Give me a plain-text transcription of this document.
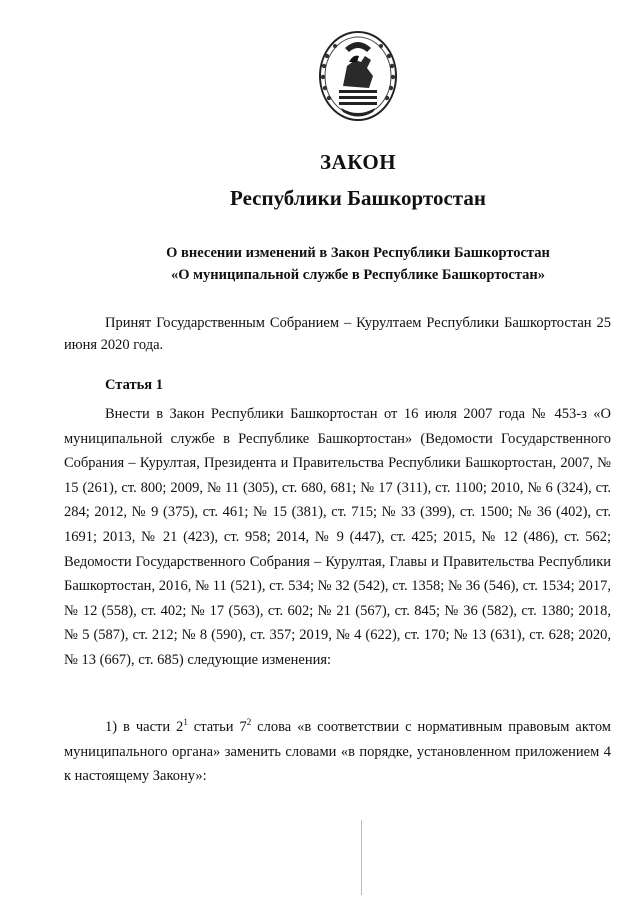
ЗАКОН
Республики Башкортостан
О внесении изменений в Закон Республики Башкортостан
«О муниципальной службе в Республике Башкортостан»
Принят Государственным Собранием – Курултаем Республики Башкортостан 25 июня 2020 года.
Статья 1

Внести в Закон Республики Башкортостан от 16 июля 2007 года № 453-з «О муниципальной службе в Республике Башкортостан» (Ведомости Государственного Собрания – Курултая, Президента и Правительства Республики Башкортостан, 2007, № 15 (261), ст. 800; 2009, № 11 (305), ст. 680, 681; № 17 (311), ст. 1100; 2010, № 6 (324), ст. 284; 2012, № 9 (375), ст. 461; № 15 (381), ст. 715; № 33 (399), ст. 1500; № 36 (402), ст. 1691; 2013, № 21 (423), ст. 958; 2014, № 9 (447), ст. 425; 2015, № 12 (486), ст. 562; Ведомости Государственного Собрания – Курултая, Главы и Правительства Республики Башкортостан, 2016, № 11 (521), ст. 534; № 32 (542), ст. 1358; № 36 (546), ст. 1534; 2017, № 12 (558), ст. 402; № 17 (563), ст. 602; № 21 (567), ст. 845; № 36 (582), ст. 1380; 2018, № 5 (587), ст. 212; № 8 (590), ст. 357; 2019, № 4 (622), ст. 170; № 13 (631), ст. 628; 2020, № 13 (667), ст. 685) следующие изменения:

1) в части $2^1$ статьи $7^2$ слова «в соответствии с нормативным правовым актом муниципального органа» заменить словами «в порядке, установленном приложением 4 к настоящему Закону»:
